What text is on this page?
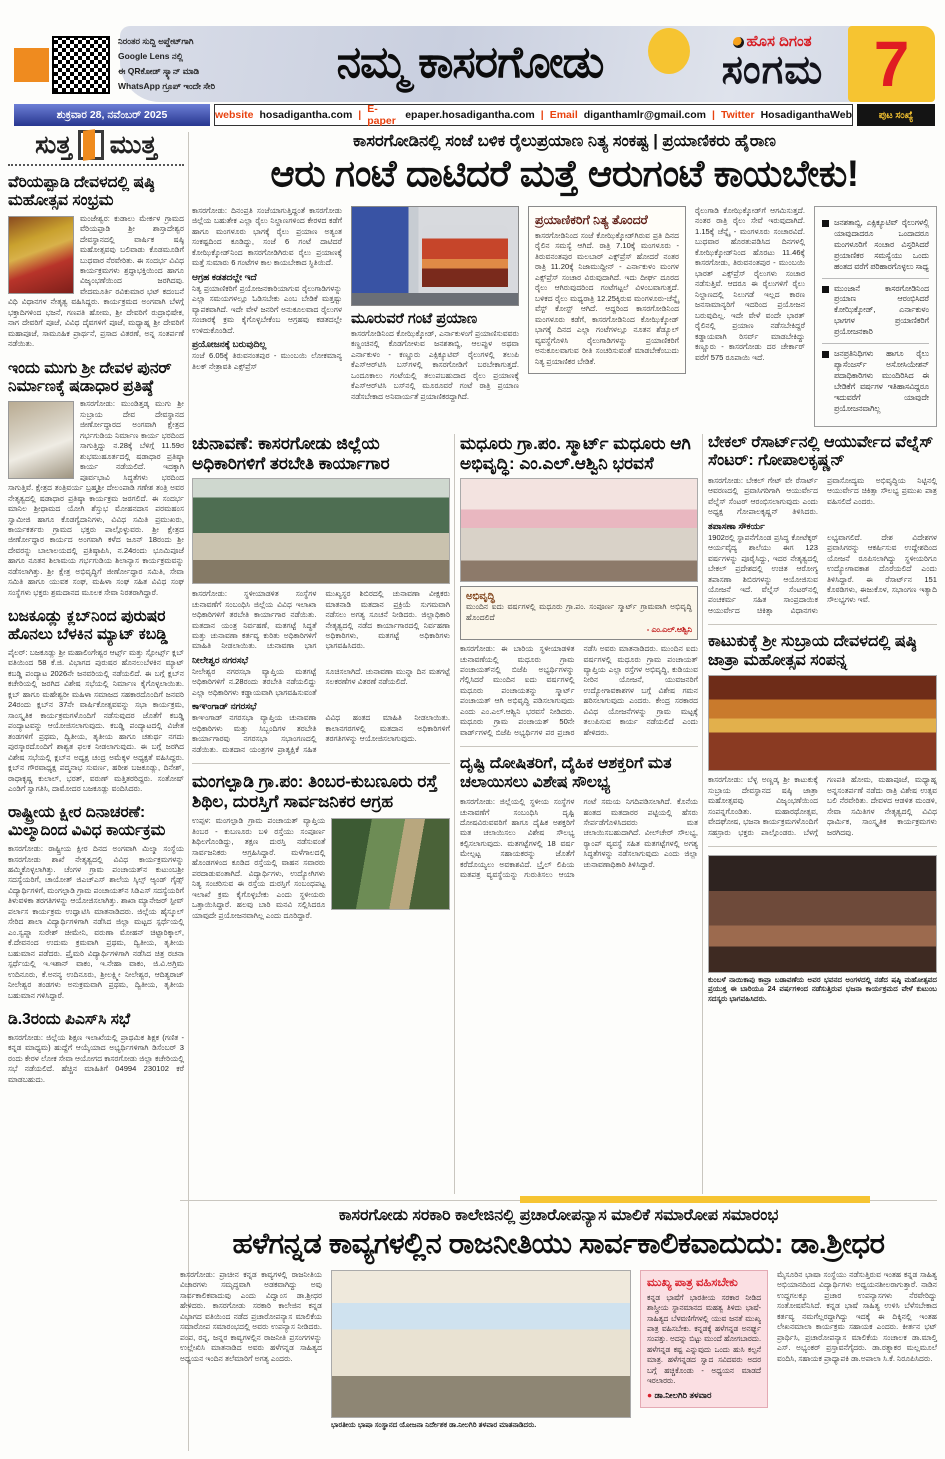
ನಿರಂತರ ಸುದ್ದಿ ಅಪ್ಡೇಟ್‌ಗಾಗಿ
Google Lens ನಲ್ಲಿ
ಈ QRಕೋಡ್ ಸ್ಕ್ಯಾನ್ ಮಾಡಿ
WhatsApp ಗ್ರೂಪ್ ಇಂದೇ ಸೇರಿ	ನಮ್ಮ ಕಾಸರಗೋಡು	ಹೊಸ ದಿಗಂತ
ಸಂಗಮ 7
ಶುಕ್ರವಾರ 28, ನವೆಂಬರ್ 2025	website hosadigantha.com | E-paper epaper.hosadigantha.com | Email diganthamlr@gmail.com | Twitter HosadiganthaWeb	ಪುಟ ಸಂಖ್ಯೆ
ಸುತ್ತ ಮುತ್ತ
ವೆರಿಯಪ್ಪಾಡಿ ದೇವಳದಲ್ಲಿ ಷಷ್ಠಿ ಮಹೋತ್ಸವ ಸಂಭ್ರಮ
ಮಂಜೇಶ್ವರ: ಕುಡಾಲು ಮೇರ್ಕಳ ಗ್ರಾಮದ ವೆರಿಯಪ್ಪಾಡಿ ಶ್ರೀ ಶಾಸ್ತಾದೇಶ್ವರ ದೇವಸ್ಥಾನದಲ್ಲಿ ವಾರ್ಷಿಕ ಷಷ್ಠಿ ಮಹೋತ್ಸವವು ಬಲಿವಾಡು ಕೊಡಮೂಡಿಗೆ ಬುಧವಾರ ನೆರವೇರಿತು. ಈ ಸಂದರ್ಭ ವಿವಿಧ ಕಾರ್ಯಕ್ರಮಗಳು ಶ್ರದ್ಧಾಭಕ್ತಿಯಿಂದ ಹಾಗೂ ವಿಜೃಂಭಣೆಯಿಂದ ಜರಗಿದವು. ವೇದಮೂರ್ತಿ ರವಿಕುಮಾರ ಭಟ್ ಕದಂಬನೆ ವಿಧಿ ವಿಧಾನಗಳ ನೇತೃತ್ವ ವಹಿಸಿದ್ದರು. ಕಾರ್ಯಕ್ರಮದ ಅಂಗವಾಗಿ ಬೆಳಗ್ಗೆ ಭಕ್ತಾದಿಗಳಿಂದ ಭಜನೆ, ಗಣಪತಿ ಹೋಮ, ಶ್ರೀ ದೇವರಿಗೆ ರುದ್ರಾಭಿಷೇಕ, ನಾಗ ದೇವರಿಗೆ ಪೂಜೆ, ವಿವಿಧ ದೈವಗಳಿಗೆ ಪೂಜೆ, ಮಧ್ಯಾಹ್ನ ಶ್ರೀ ದೇವರಿಗೆ ಮಹಾಪೂಜೆ, ಸಾಮೂಹಿಕ ಪ್ರಾರ್ಥನೆ, ಪ್ರಸಾದ ವಿತರಣೆ, ಅನ್ನ ಸಂತರ್ಪಣೆ ನಡೆಯಿತು.
ಇಂದು ಮುಗು ಶ್ರೀ ದೇವಳ ಪುನರ್ ನಿರ್ಮಾಣಕ್ಕೆ ಷಡಾಧಾರ ಪ್ರತಿಷ್ಠೆ
ಕಾಸರಗೋಡು: ಮುಂಡಿತ್ತಡ್ಕ ಮುಗು ಶ್ರೀ ಸುಬ್ರಾಯ ದೇವ ದೇವಸ್ಥಾನದ ಜೀರ್ಣೋದ್ಧಾರದ ಅಂಗವಾಗಿ ಕ್ಷೇತ್ರದ ಗರ್ಭಗುಡಿಯ ನಿರ್ಮಾಣ ಕಾರ್ಯ ಭರದಿಂದ ಸಾಗುತ್ತಿದ್ದು ನ.28ಕ್ಕೆ ಬೆಳಿಗ್ಗೆ 11.59ರ ಶುಭಮುಹೂರ್ತದಲ್ಲಿ ಷಡಾಧಾರ ಪ್ರತಿಷ್ಠಾ ಕಾರ್ಯ ನಡೆಯಲಿದೆ. ಇದಕ್ಕಾಗಿ ಪೂರ್ವಭಾವಿ ಸಿದ್ಧತೆಗಳು ಭರದಿಂದ ಸಾಗುತ್ತಿವೆ. ಕ್ಷೇತ್ರದ ತಂತ್ರಿವರ್ಯ ಬ್ರಹ್ಮಶ್ರೀ ದೇಲಂಪಾಡಿ ಗಣೇಶ ತಂತ್ರಿ ಅವರ ನೇತೃತ್ವದಲ್ಲಿ ಷಡಾಧಾರ ಪ್ರತಿಷ್ಠಾ ಕಾರ್ಯಕ್ರಮ ಜರಗಲಿದೆ. ಈ ಸಂದರ್ಭ ಮಾನಿಲ ಶ್ರೀಧಾಮದ ಯೋಗಿ ಶೆಸ್ತುಭ ಮೋಹನದಾಸ ಪರಮಹಂಸ ಸ್ವಾಮೀಜಿ ಹಾಗೂ ಕೊಡಗ್ಯೆದಾನಿಗಳು, ವಿವಿಧ ಸಮಿತಿ ಪ್ರಮುಖರು, ಕಾರ್ಯಕರ್ತರು ಗ್ರಾಮದ ಭಕ್ತರು ಪಾಲ್ಗೊಳ್ಳುವರು. ಶ್ರೀ ಕ್ಷೇತ್ರದ ಜೀರ್ಣೋದ್ಧಾರ ಕಾರ್ಯದ ಅಂಗವಾಗಿ ಕಳೆದ ಜೂನ್ 18ರಂದು ಶ್ರೀ ದೇವರನ್ನು ಬಾಲಾಲಯದಲ್ಲಿ ಪ್ರತಿಷ್ಠಾಪಿಸಿ, ನ.24ರಂದು ಭೂಮಿಪೂಜೆ ಹಾಗೂ ನೂತನ ಶಿಲಾಮಯ ಗರ್ಭಗುಡಿಯ ಶಿಲಾನ್ಯಾಸ ಕಾರ್ಯಕ್ರಮವನ್ನು ನಡೆಸಲಾಗಿತ್ತು. ಶ್ರೀ ಕ್ಷೇತ್ರ ಅಭಿವೃದ್ಧಿಗೆ ಜೀರ್ಣೋದ್ಧಾರ ಸಮಿತಿ, ಸೇವಾ ಸಮಿತಿ ಹಾಗೂ ಯುವಕ ಸಂಘ, ಮಹಿಳಾ ಸಂಘ ಸಹಿತ ವಿವಿಧ ಸಂಘ ಸಂಸ್ಥೆಗಳು ಭಕ್ತರು ಶ್ರಮದಾನದ ಮೂಲಕ ಸೇವಾ ನಿರತರಾಗಿದ್ದಾರೆ.
ಬಜಕೂಡ್ಲು ಕ್ಲಬ್‌ನಿಂದ ಪುರುಷರ ಹೊನಲು ಬೆಳಕಿನ ಮ್ಯಾಟ್ ಕಬಡ್ಡಿ
ಪೈಲರ್: ಬಜಕೂಡ್ಲು ಶ್ರೀ ಮಹಾಲಿಂಗೇಶ್ವರ ಆರ್ಟ್ಸ್ ಮತ್ತು ಸ್ಪೋರ್ಟ್ಸ್ ಕ್ಲಬ್ ವತಿಯಿಂದ 58 ಕೆ.ಜಿ. ವಿಭಾಗದ ಪುರುಷರ ಹೊನಲುಬೆಳಕಿನ ಮ್ಯಾಟ್ ಕಬಡ್ಡಿ ಪಂದ್ಯಾಟ 2026ನೇ ಜನವರಿಯಲ್ಲಿ ನಡೆಯಲಿದೆ. ಈ ಬಗ್ಗೆ ಕ್ಲಬ್‌ನ ಕಚೇರಿಯಲ್ಲಿ ಜರಗಿದ ವಿಶೇಷ ಸಭೆಯಲ್ಲಿ ನಿರ್ಮಾಣ ಕೈಗೊಳ್ಳಲಾಯಿತು. ಕ್ಲಬ್ ಹಾಗೂ ಮಹೇಶ್ವರೀ ಮಹಿಳಾ ಸಮಾಜದ ಸಹಕಾರದೊಂದಿಗೆ ಜನವರಿ 24ರಂದು ಕ್ಲಬ್‌ನ 37ನೇ ವಾರ್ಷಿಕೋತ್ಸವವನ್ನು ಸಭಾ ಕಾರ್ಯಕ್ರಮ, ಸಾಂಸ್ಕೃತಿಕ ಕಾರ್ಯಕ್ರಮಗಳೊಂದಿಗೆ ನಡೆಸುವುದರ ಜೊತೆಗೆ ಕಬಡ್ಡಿ ಪಂದ್ಯಾಟವನ್ನು ಆಯೋಜಿಸಲಾಗುವುದು. ಕಬಡ್ಡಿ ಪಂದ್ಯಾಟದಲ್ಲಿ ವಿಜೇತ ತಂಡಗಳಿಗೆ ಪ್ರಥಮ, ದ್ವಿತೀಯ, ತೃತೀಯ ಹಾಗೂ ಚತುರ್ಥ ನಗದು ಪುರಸ್ಕಾರದೊಂದಿಗೆ ಶಾಶ್ವತ ಫಲಕ ನೀಡಲಾಗುವುದು. ಈ ಬಗ್ಗೆ ಜರಗಿದ ವಿಶೇಷ ಸಭೆಯಲ್ಲಿ ಕ್ಲಬ್‌ನ ಅಧ್ಯಕ್ಷ ಚಂದ್ರ ಅಮೆಕ್ಕಳ ಅಧ್ಯಕ್ಷತೆ ವಹಿಸಿದ್ದರು. ಕ್ಲಬ್‌ನ ಗೌರವಾಧ್ಯಕ್ಷ ಪದ್ಮನಾಭ ಸುವರ್ಣ, ಹರೀಶ ಬಜಕೂಡ್ಲು, ದಿನೇಶ್, ರಾಧಾಕೃಷ್ಣ ಕುಲಾಲ್, ಭರತ್, ವರುಣ್ ಮತ್ತಿತರರಿದ್ದರು. ಸಂತೋಷ್ ಎಂಡಿಗೆ ಸ್ವಾಗತಿಸಿ, ದಾಮೋದರ ಬಜಕೂಡ್ಲು ವಂದಿಸಿದರು.
ರಾಷ್ಟ್ರೀಯ ಕ್ಷೀರ ದಿನಾಚರಣೆ: ಮಿಲ್ಮಾದಿಂದ ವಿವಿಧ ಕಾರ್ಯಕ್ರಮ
ಕಾಸರಗೋಡು: ರಾಷ್ಟ್ರೀಯ ಕ್ಷೀರ ದಿನದ ಅಂಗವಾಗಿ ಮಿಲ್ಮಾ ಸಂಸ್ಥೆಯ ಕಾಸರಗೋಡು ಶಾಖೆ ನೇತೃತ್ವದಲ್ಲಿ ವಿವಿಧ ಕಾರ್ಯಕ್ರಮಗಳನ್ನು ಹಮ್ಮಿಕೊಳ್ಳಲಾಗಿತ್ತು. ಚೆಂಗಳ ಗ್ರಾಮ ಪಂಚಾಯತ್‌ನ ಕುಟುಂಬಶ್ರೀ ಸದಸ್ಯೆಯರಿಗೆ, ಚಾಯೋತ್ ಜಿಎಚ್‌ಎಸ್ ಶಾಲೆಯ ಸ್ಕಿಲ್ಸ್ ಆ್ಯಂಡ್ ಗೈಡ್ಸ್ ವಿದ್ಯಾರ್ಥಿಗಳಿಗೆ, ಮಂಗಲ್ಪಾಡಿ ಗ್ರಾಮ ಪಂಚಾಯತ್‌ನ ಸಿಡಿಎಸ್ ಸದಸ್ಯೆಯರಿಗೆ ತಿಳುವಳಿಕಾ ತರಗತಿಗಳನ್ನು ಆಯೋಜಿಸಲಾಗಿತ್ತು. ಶಾಖಾ ಮ್ಯಾನೇಜರ್ ಸ್ಟೀವ್ ಪರ್ಲಾಸ ಕಾರ್ಯಕ್ರಮ ಉದ್ಘಾಟಿಸಿ ಮಾತನಾಡಿದರು. ಜಿಲ್ಲೆಯ ಹೈಸ್ಕೂಲ್ ಸೇರಿದ ಶಾಲಾ ವಿದ್ಯಾರ್ಥಿಗಳಿಗಾಗಿ ನಡೆಸಿದ ಜಿಲ್ಲಾ ಮಟ್ಟದ ಸ್ಪರ್ಧೆಯಲ್ಲಿ ಎಂ.ಸ್ವಪ್ನಾ ಸುರೇಶ್ ಚೀಮೇನಿ, ವರುಣಾ ಮೋಹನ್ ಚಿಟ್ಟಾರಿಕ್ಕಾಲ್, ಕೆ.ದೇವನಂದ ಉದುಮ ಕ್ರಮವಾಗಿ ಪ್ರಥಮ, ದ್ವಿತೀಯ, ತೃತೀಯ ಬಹುಮಾನ ಪಡೆದರು. ಪ್ರೈಮರಿ ವಿದ್ಯಾರ್ಥಿಗಳಿಗಾಗಿ ನಡೆಸಿದ ಚಿತ್ರ ರಚನಾ ಸ್ಪರ್ಧೆಯಲ್ಲಿ ಇ.ಇಶಾನ್ ವಾಕಂ, ಇ.ನೇಹಾ ವಾಕಂ, ಜಿ.ವಿ.ಅಗ್ರಿಮ ಉದಿನೂರು, ಕೆ.ಅನನ್ಯ ಉದಿನೂರು, ಶ್ರೀಲಕ್ಷ್ಮೀ ನೀಲೇಶ್ವರ, ಆದಿತ್ಯರಾಜ್ ನೀಲೇಶ್ವರ ತಂಡಗಳು ಅನುಕ್ರಮವಾಗಿ ಪ್ರಥಮ, ದ್ವಿತೀಯ, ತೃತೀಯ ಬಹುಮಾನ ಗಳಿಸಿದ್ದಾರೆ.
ಡಿ.3ರಂದು ಪಿಎಸ್‌ಸಿ ಸಭೆ
ಕಾಸರಗೋಡು: ಜಿಲ್ಲೆಯ ಶಿಕ್ಷಣ ಇಲಾಖೆಯಲ್ಲಿ ಪ್ರಾಥಮಿಕ ಶಿಕ್ಷಕ (ಗಣಿತ - ಕನ್ನಡ ಮಾಧ್ಯಮ) ಹುದ್ದೆಗೆ ಆಯ್ಕೆಯಾದ ಅಭ್ಯರ್ಥಿಗಳಿಗಾಗಿ ಡಿಸೆಂಬರ್ 3 ರಂದು ಕೇರಳ ಲೋಕ ಸೇವಾ ಆಯೋಗದ ಕಾಸರಗೋಡು ಜಿಲ್ಲಾ ಕಚೇರಿಯಲ್ಲಿ ಸಭೆ ನಡೆಯಲಿದೆ. ಹೆಚ್ಚಿನ ಮಾಹಿತಿಗೆ 04994 230102 ಕರೆ ಮಾಡಬಹುದು.
ಕಾಸರಗೋಡಿನಲ್ಲಿ ಸಂಜೆ ಬಳಿಕ ರೈಲುಪ್ರಯಾಣ ನಿತ್ಯ ಸಂಕಷ್ಟ | ಪ್ರಯಾಣಿಕರು ಹೈರಾಣ
ಆರು ಗಂಟೆ ದಾಟಿದರೆ ಮತ್ತೆ ಆರುಗಂಟೆ ಕಾಯಬೇಕು!
ಕಾಸರಗೋಡು: ದಿನಂಪ್ರತಿ ಸಂಜೆಯಾಗುತ್ತಿದ್ದಂತೆ ಕಾಸರಗೋಡು ಜಿಲ್ಲೆಯ ಬಹುತೇಕ ಎಲ್ಲಾ ರೈಲು ನಿಲ್ದಾಣಗಳಿಂದ ಕೇರಳದ ಕಡೆಗೆ ಹಾಗೂ ಮಂಗಳೂರು ಭಾಗಕ್ಕೆ ರೈಲು ಪ್ರಯಾಣ ಅತ್ಯಂತ ಸಂಕಷ್ಟದಿಂದ ಕೂಡಿದ್ದು, ಸಂಜೆ 6 ಗಂಟೆ ದಾಟಿದರೆ ಕೋಝಿಕ್ಕೋಡ್‌ನಿಂದ ಕಾಸರಗೋಡಿಗಿರುವ ರೈಲು ಪ್ರಯಾಣಕ್ಕೆ ಮತ್ತೆ ಸುಮಾರು 6 ಗಂಟೆಗಳ ಕಾಲ ಕಾಯಬೇಕಾದ ಸ್ಥಿತಿಯಿದೆ.
ಆಗ್ರಹ ಕಡತದಲ್ಲೇ ಇದೆ
ನಿತ್ಯ ಪ್ರಯಾಣಿಕರಿಗೆ ಪ್ರಯೋಜನಕಾರಿಯಾಗುವ ರೈಲುಗಾಡಿಗಳನ್ನು ಎಲ್ಲಾ ಸಮಯಗಳಲ್ಲೂ ಓಡಿಸಬೇಕು ಎಂಬ ಬೇಡಿಕೆ ಮತ್ತಷ್ಟು ವ್ಯಾಪಕವಾಗಿದೆ. ಇದೇ ವೇಳೆ ಜನರಿಗೆ ಅನುಕೂಲವಾದ ರೈಲುಗಳ ಸಂಚಾರಕ್ಕೆ ಕ್ರಮ ಕೈಗೊಳ್ಳಬೇಕೆಂಬ ಆಗ್ರಹವು ಕಡತದಲ್ಲೇ ಉಳಿದುಕೊಂಡಿದೆ.
ಪ್ರಯೋಜನಕ್ಕೆ ಬರುವುದಿಲ್ಲ
ಸಂಜೆ 6.05ಕ್ಕೆ ತಿರುವನಂತಪುರ - ಮುಂಬಯಿ ಲೋಕಮಾನ್ಯ ತಿಲಕ್ ನೇತ್ರಾವತಿ ಎಕ್ಸ್‌ಪ್ರೆಸ್
ಮೂರುವರೆ ಗಂಟೆ ಪ್ರಯಾಣ
ಕಾಸರಗೋಡಿನಿಂದ ಕೋಝಿಕ್ಕೋಡ್, ಎರ್ನಾಕುಳಂಗೆ ಪ್ರಯಾಣಿಸುವವರು ಕಣ್ಣಂಚಿನಲ್ಲಿ ಕೊಡಗೋಳುವ ಜನಶತಾಬ್ದಿ, ಆಲಪ್ಪುಳ ಅಥವಾ ಎರ್ನಾಕುಳಂ - ಕಣ್ಣೂರು ಎಕ್ಸಿಕ್ಯೂಟಿವ್ ರೈಲುಗಳಲ್ಲಿ ತಲುಪಿ ಕೆಎಸ್‌ಆರ್‌ಟಿಸಿ ಬಸ್‌ಗಳಲ್ಲಿ ಕಾಸರಗೋಡಿಗೆ ಬರಬೇಕಾಗುತ್ತದೆ. ಒಂದೂಕಾಲು ಗಂಟೆಯಲ್ಲಿ ತಲುಪಬಹುದಾದ ರೈಲು ಪ್ರಯಾಣಕ್ಕೆ ಕೆಎಸ್‌ಆರ್‌ಟಿಸಿ ಬಸ್‌ನಲ್ಲಿ ಮೂರೂವರೆ ಗಂಟೆ ರಾತ್ರಿ ಪ್ರಯಾಣ ನಡೆಸಬೇಕಾದ ಅನಿವಾರ್ಯತೆ ಪ್ರಯಾಣಿಕರದ್ದಾಗಿದೆ.
ಪ್ರಯಾಣಿಕರಿಗೆ ನಿತ್ಯ ತೊಂದರೆ
ಕಾಸರಗೋಡಿನಿಂದ ಸಂಜೆ ಕೋಝಿಕ್ಕೋಡ್‌ಗಿರುವ ಪ್ರತಿ ದಿನದ ರೈಲಿನ ಸಮಸ್ಯೆ ಆಗಿದೆ. ರಾತ್ರಿ 7.10ಕ್ಕೆ ಮಂಗಳೂರು - ತಿರುವನಂತಪುರ ಮಲಬಾರ್ ಎಕ್ಸ್‌ಪ್ರೆಸ್ ಹೋದರೆ ನಂತರ ರಾತ್ರಿ 11.20ಕ್ಕೆ ನಿಜಾಮುದ್ದೀನ್ - ಎರ್ನಾಕುಳಂ ಮಂಗಳ ಎಕ್ಸ್‌ಪ್ರೆಸ್ ಸಂಚಾರ ವಿರುವುದಾಗಿದೆ. ಇದು ದೀರ್ಘ ದೂರದ ರೈಲು ಆಗಿರುವುದರಿಂದ ಗಂಟೆಗಟ್ಟಲೆ ವಿಳಂಬವಾಗುತ್ತದೆ. ಬಳಿಕದ ರೈಲು ಮಧ್ಯರಾತ್ರಿ 12.25ಕ್ಕಿರುವ ಮಂಗಳೂರು-ಚೆನ್ನೈ ವೆಸ್ಟ್ ಕೋಸ್ಟ್ ಆಗಿದೆ. ಆದ್ದರಿಂದ ಕಾಸರಗೋಡಿನಿಂದ ಮಂಗಳೂರು ಕಡೆಗೆ, ಕಾಸರಗೋಡಿನಿಂದ ಕೋಝಿಕ್ಕೋಡ್ ಭಾಗಕ್ಕೆ ದಿನದ ಎಲ್ಲಾ ಗಂಟೆಗಳಲ್ಲೂ ನೂತನ ಶೆಡ್ಯೂಲ್ ವ್ಯವಸ್ಥೆಗೊಳಿಸಿ ರೈಲುಗಾಡಿಗಳನ್ನು ಪ್ರಯಾಣಿಕರಿಗೆ ಅನುಕೂಲವಾಗುವ ರೀತಿ ಸಂಚರಿಸುವಂತೆ ಮಾಡಬೇಕೆಂಬುದು ನಿತ್ಯ ಪ್ರಯಾಣಿಕರ ಬೇಡಿಕೆ.
ರೈಲುಗಾಡಿ ಕೋಝಿಕ್ಕೋಡ್‌ಗೆ ಆಗಮಿಸುತ್ತದೆ. ನಂತರ ರಾತ್ರಿ ರೈಲು ಸೇವೆ ಇರುವುದಾಗಿದೆ. 1.15ಕ್ಕೆ ಚೆನ್ನೈ - ಮಂಗಳೂರು ಸಂಚಾರವಿದೆ. ಬುಧವಾರ ಹೊರತುಪಡಿಸಿದ ದಿನಗಳಲ್ಲಿ ಕೋಝಿಕ್ಕೋಡ್‌ನಿಂದ ಹೊರಟು 11.46ಕ್ಕೆ ಕಾಸರಗೋಡು, ತಿರುವನಂತಪುರ - ಮುಂಬಯಿ ಭಾರತ್ ಎಕ್ಸ್‌ಪ್ರೆಸ್ ರೈಲುಗಳು ಸಂಚಾರ ನಡೆಸುತ್ತಿವೆ. ಆದರೂ ಈ ರೈಲುಗಳಿಗೆ ರೈಲು ನಿಲ್ದಾಣದಲ್ಲಿ ನಿಲುಗಡೆ ಇಲ್ಲದ ಕಾರಣ ಜನಸಾಮಾನ್ಯರಿಗೆ ಇದರಿಂದ ಪ್ರಯೋಜನ ಬರುವುದಿಲ್ಲ. ಇದೇ ವೇಳೆ ವಂದೇ ಭಾರತ್ ರೈಲಿನಲ್ಲಿ ಪ್ರಯಾಣ ನಡೆಸಬೇಕಿದ್ದರೆ ಕಡ್ಡಾಯವಾಗಿ ರಿಸರ್ವ್ ಮಾಡಬೇಕಿದ್ದು ಕಣ್ಣೂರು - ಕಾಸರಗೋಡು ದರ ಚೇರ್ಕಾರ್ ವರೆಗೆ 575 ರೂಪಾಯಿ ಇದೆ.
ಜನಶತಾಬ್ದಿ, ಎಕ್ಸಿಕ್ಯೂಟಿವ್ ರೈಲುಗಳಲ್ಲಿ ಯಾವುದಾದರೂ ಒಂದಾದರೂ ಮಂಗಳೂರಿಗೆ ಸಂಚಾರ ವಿಸ್ತರಿಸಿದರೆ ಪ್ರಯಾಣಿಕರ ಸಮಸ್ಯೆಯು ಒಂದು ಹಂತದ ವರೆಗೆ ಪರಿಹಾರಗೊಳ್ಳಲು ಸಾಧ್ಯ
ಮುಂಜಾನೆ ಕಾಸರಗೋಡಿನಿಂದ ಪ್ರಯಾಣ ಆರಂಭಿಸಿದರೆ ಕೋಝಿಕ್ಕೋಡ್, ಎರ್ನಾಕುಳಂ ಭಾಗಗಳ ಪ್ರಯಾಣಿಕರಿಗೆ ಪ್ರಯೋಜನಕಾರಿ
ಜನಪ್ರತಿನಿಧಿಗಳು ಹಾಗೂ ರೈಲು ಪ್ಯಾಸೆಂಜರ್ಸ್ ಅಸೋಸಿಯೇಶನ್ ಪದಾಧಿಕಾರಿಗಳು ಮುಂದಿರಿಸಿದ ಈ ಬೇಡಿಕೆಗೆ ವರ್ಷಗಳ ಇತಿಹಾಸವಿದ್ದರೂ ಇದುವರೆಗೆ ಯಾವುದೇ ಪ್ರಯೋಜನವಾಗಿಲ್ಲ
ಚುನಾವಣೆ: ಕಾಸರಗೋಡು ಜಿಲ್ಲೆಯ ಅಧಿಕಾರಿಗಳಿಗೆ ತರಬೇತಿ ಕಾರ್ಯಾಗಾರ
ಕಾಸರಗೋಡು: ಸ್ಥಳೀಯಾಡಳಿತ ಸಂಸ್ಥೆಗಳ ಚುನಾವಣೆಗೆ ಸಂಬಂಧಿಸಿ ಜಿಲ್ಲೆಯ ವಿವಿಧ ಇಲಾಖಾ ಅಧಿಕಾರಿಗಳಿಗೆ ತರಬೇತಿ ಕಾರ್ಯಾಗಾರ ನಡೆಯಿತು. ಮತದಾನ ಯಂತ್ರ ನಿರ್ವಹಣೆ, ಮತಗಟ್ಟೆ ಸಿದ್ಧತೆ ಮತ್ತು ಚುನಾವಣಾ ಕರ್ತವ್ಯ ಕುರಿತು ಅಧಿಕಾರಿಗಳಿಗೆ ಮಾಹಿತಿ ನೀಡಲಾಯಿತು. ಚುನಾವಣಾ ಭಾಗ ಮುಖ್ಯಸ್ಥರ ಶಿಬಿರದಲ್ಲಿ ಚುನಾವಣಾ ವೀಕ್ಷಕರು ಮಾತನಾಡಿ ಮತದಾನ ಪ್ರಕ್ರಿಯೆ ಸುಗಮವಾಗಿ ನಡೆಸಲು ಅಗತ್ಯ ಸೂಚನೆ ನೀಡಿದರು. ಜಿಲ್ಲಾಧಿಕಾರಿ ನೇತೃತ್ವದಲ್ಲಿ ನಡೆದ ಕಾರ್ಯಾಗಾರದಲ್ಲಿ ನಿರ್ವಹಣಾ ಅಧಿಕಾರಿಗಳು, ಮತಗಟ್ಟೆ ಅಧಿಕಾರಿಗಳು ಭಾಗವಹಿಸಿದರು.
ನೀಲೇಶ್ವರ ನಗರಸಭೆ
ನೀಲೇಶ್ವರ ನಗರಸಭಾ ವ್ಯಾಪ್ತಿಯ ಮತಗಟ್ಟೆ ಅಧಿಕಾರಿಗಳಿಗೆ ನ.28ರಂದು ತರಬೇತಿ ನಡೆಯಲಿದ್ದು ಎಲ್ಲಾ ಅಧಿಕಾರಿಗಳು ಕಡ್ಡಾಯವಾಗಿ ಭಾಗವಹಿಸುವಂತೆ ಸೂಚಿಸಲಾಗಿದೆ. ಚುನಾವಣಾ ಮುನ್ನಾ ದಿನ ಮತಗಟ್ಟೆ ಸಲಕರಣೆಗಳ ವಿತರಣೆ ನಡೆಯಲಿದೆ.
ಕಾಞಂಗಾಡ್ ನಗರಸಭೆ
ಕಾಞಂಗಾಡ್ ನಗರಸಭಾ ವ್ಯಾಪ್ತಿಯ ಚುನಾವಣಾ ಅಧಿಕಾರಿಗಳು ಮತ್ತು ಸಿಬ್ಬಂದಿಗಳ ತರಬೇತಿ ಕಾರ್ಯಾಗಾರವು ನಗರಸಭಾ ಸಭಾಂಗಣದಲ್ಲಿ ನಡೆಯಿತು. ಮತದಾನ ಯಂತ್ರಗಳ ಪ್ರಾತ್ಯಕ್ಷಿಕೆ ಸಹಿತ ವಿವಿಧ ಹಂತದ ಮಾಹಿತಿ ನೀಡಲಾಯಿತು. ಕಾಲಾನಗರಗಳಲ್ಲಿ ಮತದಾನ ಅಧಿಕಾರಿಗಳಿಗೆ ತರಗತಿಗಳನ್ನು ಆಯೋಜಿಸಲಾಗುವುದು.
ಮಂಗಲ್ಪಾಡಿ ಗ್ರಾ.ಪಂ: ತಿಂಬರ-ಕುಬಣೂರು ರಸ್ತೆ ಶಿಥಿಲ, ದುರಸ್ತಿಗೆ ಸಾರ್ವಜನಿಕರ ಆಗ್ರಹ
ಉಪ್ಪಳ: ಮಂಗಲ್ಪಾಡಿ ಗ್ರಾಮ ಪಂಚಾಯತ್ ವ್ಯಾಪ್ತಿಯ ತಿಂಬರ - ಕುಬಣೂರು ಬಳಿ ರಸ್ತೆಯು ಸಂಪೂರ್ಣ ಶಿಥಿಲಗೊಂಡಿದ್ದು, ತಕ್ಷಣ ದುರಸ್ತಿ ನಡೆಸುವಂತೆ ಸಾರ್ವಜನಿಕರು ಆಗ್ರಹಿಸಿದ್ದಾರೆ. ಮಳೆಗಾಲದಲ್ಲಿ ಹೊಂಡಗಳಿಂದ ಕೂಡಿದ ರಸ್ತೆಯಲ್ಲಿ ವಾಹನ ಸವಾರರು ಪರದಾಡುವಂತಾಗಿದೆ. ವಿದ್ಯಾರ್ಥಿಗಳು, ಉದ್ಯೋಗಿಗಳು ನಿತ್ಯ ಸಂಚರಿಸುವ ಈ ರಸ್ತೆಯ ದುರಸ್ತಿಗೆ ಸಂಬಂಧಪಟ್ಟ ಇಲಾಖೆ ಕ್ರಮ ಕೈಗೊಳ್ಳಬೇಕು ಎಂದು ಸ್ಥಳೀಯರು ಒತ್ತಾಯಿಸಿದ್ದಾರೆ. ಹಲವು ಬಾರಿ ಮನವಿ ಸಲ್ಲಿಸಿದರೂ ಯಾವುದೇ ಪ್ರಯೋಜನವಾಗಿಲ್ಲ ಎಂದು ದೂರಿದ್ದಾರೆ.
ಮಧೂರು ಗ್ರಾ.ಪಂ. ಸ್ಮಾರ್ಟ್ ಮಧೂರು ಆಗಿ ಅಭಿವೃದ್ಧಿ: ಎಂ.ಎಲ್.ಆಶ್ವಿನಿ ಭರವಸೆ
ಅಭಿವೃದ್ಧಿ
ಮುಂದಿನ ಐದು ವರ್ಷಗಳಲ್ಲಿ ಮಧೂರು ಗ್ರಾ.ಪಂ. ಸಂಪೂರ್ಣ ಸ್ಮಾರ್ಟ್ ಗ್ರಾಮವಾಗಿ ಅಭಿವೃದ್ಧಿ ಹೊಂದಲಿದೆ
- ಎಂ.ಎಲ್.ಆಶ್ವಿನಿ
ಕಾಸರಗೋಡು: ಈ ಬಾರಿಯ ಸ್ಥಳೀಯಾಡಳಿತ ಚುನಾವಣೆಯಲ್ಲಿ ಮಧೂರು ಗ್ರಾಮ ಪಂಚಾಯತ್‌ನಲ್ಲಿ ಬಿಜೆಪಿ ಅಭ್ಯರ್ಥಿಗಳನ್ನು ಗೆಲ್ಲಿಸಿದರೆ ಮುಂದಿನ ಐದು ವರ್ಷಗಳಲ್ಲಿ ಮಧೂರು ಪಂಚಾಯತನ್ನು ಸ್ಮಾರ್ಟ್ ಪಂಚಾಯತ್ ಆಗಿ ಅಭಿವೃದ್ಧಿ ಪಡಿಸಲಾಗುವುದು ಎಂದು ಎಂ.ಎಲ್.ಆಶ್ವಿನಿ ಭರವಸೆ ನೀಡಿದರು. ಮಧೂರು ಗ್ರಾಮ ಪಂಚಾಯತ್ 50ನೇ ವಾರ್ಡ್‌ಗಳಲ್ಲಿ ಬಿಜೆಪಿ ಅಭ್ಯರ್ಥಿಗಳ ಪರ ಪ್ರಚಾರ ನಡೆಸಿ ಅವರು ಮಾತನಾಡಿದರು. ಮುಂದಿನ ಐದು ವರ್ಷಗಳಲ್ಲಿ ಮಧೂರು ಗ್ರಾಮ ಪಂಚಾಯತ್ ವ್ಯಾಪ್ತಿಯ ಎಲ್ಲಾ ರಸ್ತೆಗಳ ಅಭಿವೃದ್ಧಿ, ಕುಡಿಯುವ ನೀರಿನ ಯೋಜನೆ, ಯುವಜನರಿಗೆ ಉದ್ಯೋಗಾವಕಾಶಗಳ ಬಗ್ಗೆ ವಿಶೇಷ ಗಮನ ಹರಿಸಲಾಗುವುದು ಎಂದರು. ಕೇಂದ್ರ ಸರಕಾರದ ವಿವಿಧ ಯೋಜನೆಗಳನ್ನು ಗ್ರಾಮ ಮಟ್ಟಕ್ಕೆ ತಲುಪಿಸುವ ಕಾರ್ಯ ನಡೆಯಲಿದೆ ಎಂದು ಹೇಳಿದರು.
ದೃಷ್ಟಿ ದೋಷಿತರಿಗೆ, ದೈಹಿಕ ಆಶಕ್ತರಿಗೆ ಮತ ಚಲಾಯಿಸಲು ವಿಶೇಷ ಸೌಲಭ್ಯ
ಕಾಸರಗೋಡು: ಜಿಲ್ಲೆಯಲ್ಲಿ ಸ್ಥಳೀಯ ಸಂಸ್ಥೆಗಳ ಚುನಾವಣೆಗೆ ಸಂಬಂಧಿಸಿ ದೃಷ್ಟಿ ದೋಷವಿರುವವರಿಗೆ ಹಾಗೂ ದೈಹಿಕ ಅಶಕ್ತರಿಗೆ ಮತ ಚಲಾಯಿಸಲು ವಿಶೇಷ ಸೌಲಭ್ಯ ಕಲ್ಪಿಸಲಾಗುವುದು. ಮತಗಟ್ಟೆಗಳಲ್ಲಿ 18 ವರ್ಷ ಮೇಲ್ಪಟ್ಟ ಸಹಾಯಕರನ್ನು ಜೊತೆಗೆ ಕರೆದೊಯ್ಯಲು ಅವಕಾಶವಿದೆ. ಬ್ರೈಲ್ ಲಿಪಿಯ ಮತಪತ್ರ ವ್ಯವಸ್ಥೆಯನ್ನು ಗುರುತಿಸಲು ಆಯಾ ಗಂಟೆ ಸಮಯ ನಿಗದಿಪಡಿಸಲಾಗಿದೆ. ಕೊನೆಯ ಹಂತದ ಮತದಾರರ ಪಟ್ಟಿಯಲ್ಲಿ ಹೆಸರು ಸೇರ್ಪಡೆಗೊಳಿಸಿದವರು ಮತ ಚಲಾಯಿಸಬಹುದಾಗಿದೆ. ವೀಲ್‌ಚೇರ್ ಸೌಲಭ್ಯ, ರ‍್ಯಾಂಪ್ ವ್ಯವಸ್ಥೆ ಸಹಿತ ಮತಗಟ್ಟೆಗಳಲ್ಲಿ ಅಗತ್ಯ ಸಿದ್ಧತೆಗಳನ್ನು ನಡೆಸಲಾಗುವುದು ಎಂದು ಜಿಲ್ಲಾ ಚುನಾವಣಾಧಿಕಾರಿ ತಿಳಿಸಿದ್ದಾರೆ.
ಬೇಕಲ್ ರೆಸಾರ್ಟ್‌ನಲ್ಲಿ ಆಯುರ್ವೇದ ವೆಲ್ನೆಸ್ ಸೆಂಟರ್: ಗೋಪಾಲಕೃಷ್ಣನ್
ಕಾಸರಗೋಡು: ಬೇಕಲ್ ಗೇಟ್ ವೇ ರೆಸಾರ್ಟ್ ಆವರಣದಲ್ಲಿ ಪ್ರವಾಸಿಗರಿಗಾಗಿ ಆಯುರ್ವೇದ ವೆಲ್ನೆಸ್ ಸೆಂಟರ್ ಆರಂಭಿಸಲಾಗುವುದು ಎಂದು ಅಧ್ಯಕ್ಷ ಗೋಪಾಲಕೃಷ್ಣನ್ ತಿಳಿಸಿದರು. ಪ್ರವಾಸೋದ್ಯಮ ಅಭಿವೃದ್ಧಿಯ ನಿಟ್ಟಿನಲ್ಲಿ ಆಯುರ್ವೇದ ಚಿಕಿತ್ಸಾ ಸೌಲಭ್ಯ ಪ್ರಮುಖ ಪಾತ್ರ ವಹಿಸಲಿದೆ ಎಂದರು.
ತಪಾಸಣಾ ಸೌಕರ್ಯ
1902ರಲ್ಲಿ ಸ್ಥಾಪನೆಗೊಂಡ ಪ್ರಸಿದ್ಧ ಕೋಟೆಕ್ಕರ್ ಆರ್ಯವೈದ್ಯ ಶಾಲೆಯು ಈಗ 123 ವರ್ಷಗಳನ್ನು ಪೂರೈಸಿದ್ದು, ಇದರ ನೇತೃತ್ವದಲ್ಲಿ ಬೇಕಲ್ ಪ್ರದೇಶದಲ್ಲಿ ಉಚಿತ ಆರೋಗ್ಯ ತಪಾಸಣಾ ಶಿಬಿರಗಳನ್ನು ಆಯೋಜಿಸುವ ಯೋಜನೆ ಇದೆ. ವೆಲ್ನೆಸ್ ಸೆಂಟರ್‌ನಲ್ಲಿ ಪಂಚಕರ್ಮ ಸಹಿತ ಸಾಂಪ್ರದಾಯಿಕ ಆಯುರ್ವೇದ ಚಿಕಿತ್ಸಾ ವಿಧಾನಗಳು ಲಭ್ಯವಾಗಲಿದೆ. ದೇಶ ವಿದೇಶಗಳ ಪ್ರವಾಸಿಗರನ್ನು ಆಕರ್ಷಿಸುವ ಉದ್ದೇಶದಿಂದ ಯೋಜನೆ ರೂಪಿಸಲಾಗಿದ್ದು ಸ್ಥಳೀಯರಿಗೂ ಉದ್ಯೋಗಾವಕಾಶ ದೊರೆಯಲಿದೆ ಎಂದು ತಿಳಿಸಿದ್ದಾರೆ. ಈ ರೆಸಾರ್ಟ್‌ನ 151 ಕೊಠಡಿಗಳು, ಈಜುಕೊಳ, ಸಭಾಂಗಣ ಇತ್ಯಾದಿ ಸೌಲಭ್ಯಗಳು ಇವೆ.
ಕಾಟುಕುಕ್ಕೆ ಶ್ರೀ ಸುಬ್ರಾಯ ದೇವಳದಲ್ಲಿ ಷಷ್ಠಿ ಜಾತ್ರಾ ಮಹೋತ್ಸವ ಸಂಪನ್ನ
ಕಾಸರಗೋಡು: ಬೆಳ್ಳ ಅಣ್ಣಡ್ಕ ಶ್ರೀ ಕಾಟುಕುಕ್ಕೆ ಸುಬ್ರಾಯ ದೇವಸ್ಥಾನದ ಷಷ್ಠಿ ಜಾತ್ರಾ ಮಹೋತ್ಸವವು ವಿಜೃಂಭಣೆಯಿಂದ ಸಂಪನ್ನಗೊಂಡಿತು. ಮಹಾರಥೋತ್ಸವ, ವೇದಘೋಷ, ಭಜನಾ ಕಾರ್ಯಕ್ರಮಗಳೊಂದಿಗೆ ಸಹಸ್ರಾರು ಭಕ್ತರು ಪಾಲ್ಗೊಂಡರು. ಬೆಳಗ್ಗೆ ಗಣಪತಿ ಹೋಮ, ಮಹಾಪೂಜೆ, ಮಧ್ಯಾಹ್ನ ಅನ್ನಸಂತರ್ಪಣೆ ನಡೆದು ರಾತ್ರಿ ವಿಶೇಷ ಉತ್ಸವ ಬಲಿ ನೆರವೇರಿತು. ದೇವಳದ ಆಡಳಿತ ಮಂಡಳಿ, ಸೇವಾ ಸಮಿತಿಗಳ ನೇತೃತ್ವದಲ್ಲಿ ವಿವಿಧ ಧಾರ್ಮಿಕ, ಸಾಂಸ್ಕೃತಿಕ ಕಾರ್ಯಕ್ರಮಗಳು ಜರಗಿದವು.
ಕುಂಬಳೆ ನಾಯಿಕಾಪು ಕಾವ್ರಾ ಬಡಾವಣೆಯ ಅವರ ಭವನದ ಅಂಗಳದಲ್ಲಿ ನಡೆದ ಷಷ್ಠಿ ಮಹೋತ್ಸವದ ಪ್ರಯುಕ್ತ ಈ ಬಾರಿಯೂ 24 ವರ್ಷಗಳಿಂದ ನಡೆಸುತ್ತಿರುವ ಭಜನಾ ಕಾರ್ಯಕ್ರಮದ ವೇಳೆ ಕುಟುಂಬ ಸದಸ್ಯರು ಭಾಗವಹಿಸಿದರು.
ಕಾಸರಗೋಡು ಸರಕಾರಿ ಕಾಲೇಜಿನಲ್ಲಿ ಪ್ರಚಾರೋಪನ್ಯಾಸ ಮಾಲಿಕೆ ಸಮಾರೋಪ ಸಮಾರಂಭ
ಹಳೆಗನ್ನಡ ಕಾವ್ಯಗಳಲ್ಲಿನ ರಾಜನೀತಿಯು ಸಾರ್ವಕಾಲಿಕವಾದುದು: ಡಾ.ಶ್ರೀಧರ
ಕಾಸರಗೋಡು: ಪ್ರಾಚೀನ ಕನ್ನಡ ಕಾವ್ಯಗಳಲ್ಲಿ ರಾಜನೀತಿಯ ವಿಚಾರಗಳು ಸಮೃದ್ಧವಾಗಿ ಅಡಕವಾಗಿದ್ದು ಅವು ಸಾರ್ವಕಾಲಿಕವಾದುವು ಎಂದು ವಿದ್ವಾಂಸ ಡಾ.ಶ್ರೀಧರ ಹೇಳಿದರು. ಕಾಸರಗೋಡು ಸರಕಾರಿ ಕಾಲೇಜಿನ ಕನ್ನಡ ವಿಭಾಗದ ವತಿಯಿಂದ ನಡೆದ ಪ್ರಚಾರೋಪನ್ಯಾಸ ಮಾಲಿಕೆಯ ಸಮಾರೋಪ ಸಮಾರಂಭದಲ್ಲಿ ಅವರು ಉಪನ್ಯಾಸ ನೀಡಿದರು. ಪಂಪ, ರನ್ನ, ಜನ್ನರ ಕಾವ್ಯಗಳಲ್ಲಿನ ರಾಜನೀತಿ ಪ್ರಸಂಗಗಳನ್ನು ಉಲ್ಲೇಖಿಸಿ ಮಾತನಾಡಿದ ಅವರು ಹಳೆಗನ್ನಡ ಸಾಹಿತ್ಯದ ಅಧ್ಯಯನ ಇಂದಿನ ತಲೆಮಾರಿಗೆ ಅಗತ್ಯ ಎಂದರು.
ಭಾರತೀಯ ಭಾಷಾ ಸಂಸ್ಥಾನದ ಯೋಜನಾ ನಿರ್ದೇಶಕ ಡಾ.ನೀಲಗಿರಿ ತಳವಾರ ಮಾತನಾಡಿದರು.
ಮುಖ್ಯ ಪಾತ್ರ ವಹಿಸಬೇಕು
ಕನ್ನಡ ಭಾಷೆಗೆ ಭಾರತೀಯ ಸರಕಾರ ನೀಡಿದ ಶಾಸ್ತ್ರೀಯ ಸ್ಥಾನಮಾನದ ಮಹತ್ವ ತಿಳಿದು ಭಾಷೆ-ಸಾಹಿತ್ಯದ ಬೆಳವಣಿಗೆಗಳಲ್ಲಿ ಯುವ ಜನತೆ ಮುಖ್ಯ ಪಾತ್ರ ವಹಿಸಬೇಕು. ಕನ್ನಡಕ್ಕೆ ಹಳೆಗನ್ನಡ ಅನರ್ಘ್ಯ ಸಂಪತ್ತು. ಅದನ್ನು ಬಿಟ್ಟು ಮುಂದೆ ಹೋಗಬಾರದು. ಹಳೆಗನ್ನಡ ಕಷ್ಟ ಎನ್ನುವುದು ಒಂದು ಹುಸಿ ಕಲ್ಪನೆ ಮಾತ್ರ. ಹಳೆಗನ್ನಡದ ಸ್ವಾದ ಸವಿದವರು ಅದರ ಬಗ್ಗೆ ಹಚ್ಚಿಕೊಂಡು - ಅಧ್ಯಯನ ಮಾಡದೆ ಇರಲಾರರು.
● ಡಾ.ನೀಲಗಿರಿ ತಳವಾರ
ಮೈಸೂರಿನ ಭಾಷಾ ಸಂಸ್ಥೆಯು ನಡೆಸುತ್ತಿರುವ ಇಂತಹ ಕನ್ನಡ ಸಾಹಿತ್ಯ ಅಭಿಯಾನದಿಂದ ವಿದ್ಯಾರ್ಥಿಗಳು ಅಧ್ಯಯನಶೀಲರಾಗುತ್ತಾರೆ. ನಾಡಿನ ಉದ್ದಗಲಕ್ಕೂ ಪ್ರಚಾರ ಉಪನ್ಯಾಸಗಳು ನೆರವೇರಿದ್ದು ಸಂತೋಷವೆನಿಸಿದೆ. ಕನ್ನಡ ಭಾಷೆ ಸಾಹಿತ್ಯ ಉಳಿಸಿ ಬೆಳೆಸಬೇಕಾದ ಕರ್ತವ್ಯ ನಮಗೆಲ್ಲರದ್ದಾಗಿದ್ದು ಇದಕ್ಕೆ ಈ ದಿಕ್ಕಿನಲ್ಲಿ ಇಂತಹ ಲೇಖನಮಾಲಾ ಕಾರ್ಯಕ್ರಮ ಸಹಾಯಕ ಎಂದರು. ಕೀರ್ತನ ಭಟ್ ಪ್ರಾರ್ಥಿಸಿ, ಪ್ರಚಾರೋಪನ್ಯಾಸ ಮಾಲಿಕೆಯ ಸಂಚಾಲಕ ಡಾ.ಮಾಲ್ತಿ ಎಸ್. ಅಭ್ಯಂಕರ್ ಪ್ರಸ್ತಾವನೆಗೈದರು. ಡಾ.ರತ್ನಾಕರ ಮಲ್ಲಮೂಲೆ ವಂದಿಸಿ, ಸಹಾಯಕ ಪ್ರಾಧ್ಯಾಪಕಿ ಡಾ.ಅಪಾಲಾ ಸಿ.ಕೆ. ನಿರೂಪಿಸಿದರು.
